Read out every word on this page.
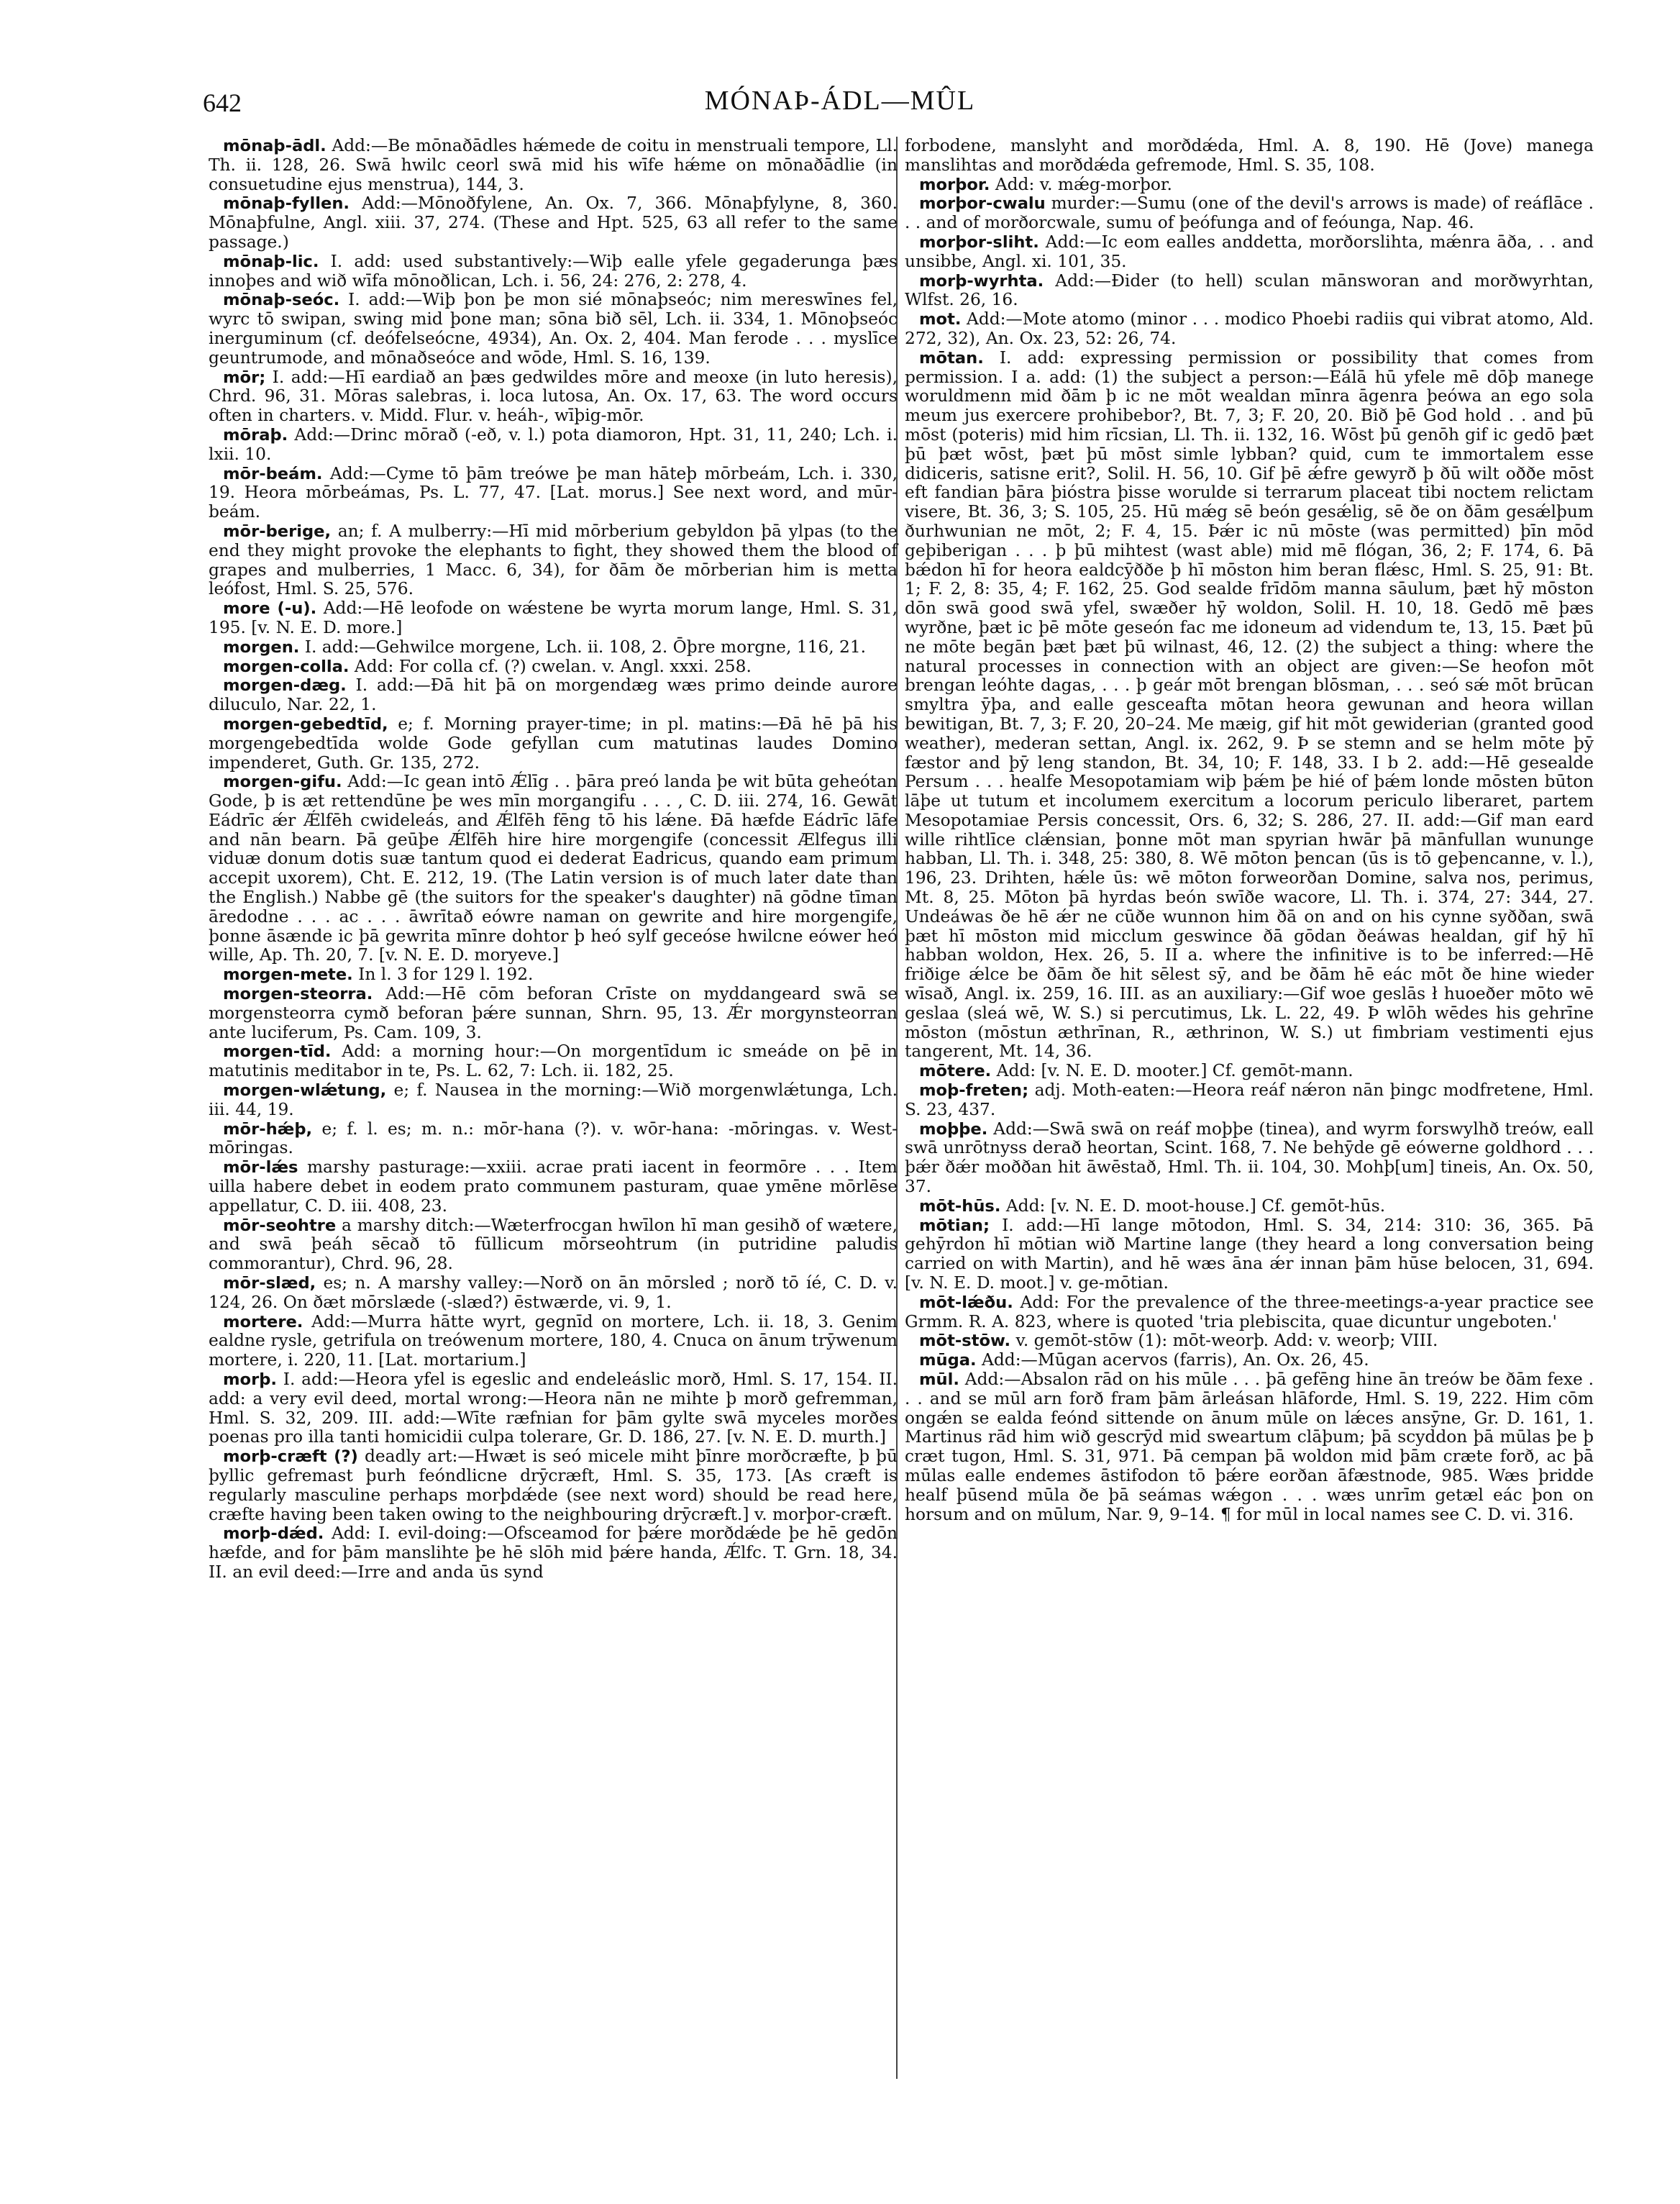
642	MÓNAÞ-ÁDL—MÛL

mōnaþ-ādl. Add:—Be mōnaðādles hǽmede de coitu in menstruali tempore, Ll. Th. ii. 128, 26. Swā hwilc ceorl swā mid his wīfe hǽme on mōnaðādlie (in consuetudine ejus menstrua), 144, 3.

mōnaþ-fyllen. Add:—Mōnoðfylene, An. Ox. 7, 366. Mōnaþfylyne, 8, 360. Mōnaþfulne, Angl. xiii. 37, 274. (These and Hpt. 525, 63 all refer to the same passage.)

mōnaþ-lic. I. add: used substantively:—Wiþ ealle yfele gegaderunga þæs innoþes and wið wīfa mōnoðlican, Lch. i. 56, 24: 276, 2: 278, 4.

mōnaþ-seóc. I. add:—Wiþ þon þe mon sié mōnaþseóc; nim mereswīnes fel, wyrc tō swipan, swing mid þone man; sōna bið sēl, Lch. ii. 334, 1. Mōnoþseóc inerguminum (cf. deófelseócne, 4934), An. Ox. 2, 404. Man ferode . . . myslīce geuntrumode, and mōnaðseóce and wōde, Hml. S. 16, 139.

mōr; I. add:—Hī eardiað an þæs gedwildes mōre and meoxe (in luto heresis), Chrd. 96, 31. Mōras salebras, i. loca lutosa, An. Ox. 17, 63. The word occurs often in charters. v. Midd. Flur. v. heáh-, wīþig-mōr.

mōraþ. Add:—Drinc mōrað (-eð, v. l.) pota diamoron, Hpt. 31, 11, 240; Lch. i. lxii. 10.

mōr-beám. Add:—Cyme tō þām treówe þe man hāteþ mōrbeám, Lch. i. 330, 19. Heora mōrbeámas, Ps. L. 77, 47. [Lat. morus.] See next word, and mūr-beám.

mōr-berige, an; f. A mulberry:—Hī mid mōrberium gebyldon þā ylpas (to the end they might provoke the elephants to fight, they showed them the blood of grapes and mulberries, 1 Macc. 6, 34), for ðām ðe mōrberian him is metta leófost, Hml. S. 25, 576.

more (-u). Add:—Hē leofode on wǽstene be wyrta morum lange, Hml. S. 31, 195. [v. N. E. D. more.]

morgen. I. add:—Gehwilce morgene, Lch. ii. 108, 2. Ōþre morgne, 116, 21.

morgen-colla. Add: For colla cf. (?) cwelan. v. Angl. xxxi. 258.

morgen-dæg. I. add:—Ðā hit þā on morgendæg wæs primo deinde aurore diluculo, Nar. 22, 1.

morgen-gebedtīd, e; f. Morning prayer-time; in pl. matins:—Ðā hē þā his morgengebedtīda wolde Gode gefyllan cum matutinas laudes Domino impenderet, Guth. Gr. 135, 272.

morgen-gifu. Add:—Ic gean intō Ǽlīg . . þāra preó landa þe wit būta geheótan Gode, þ is æt rettendūne þe wes mīn morgangifu . . . , C. D. iii. 274, 16. Gewāt Eádrīc ǽr Ǽlfēh cwideleás, and Ǽlfēh fēng tō his lǽne. Ðā hæfde Eádrīc lāfe and nān bearn. Þā geūþe Ǽlfēh hire hire morgengife (concessit Ælfegus illi viduæ donum dotis suæ tantum quod ei dederat Eadricus, quando eam primum accepit uxorem), Cht. E. 212, 19. (The Latin version is of much later date than the English.) Nabbe gē (the suitors for the speaker's daughter) nā gōdne tīman āredodne . . . ac . . . āwrītað eówre naman on gewrite and hire morgengife, þonne āsænde ic þā gewrita mīnre dohtor þ heó sylf geceóse hwilcne eówer heó wille, Ap. Th. 20, 7. [v. N. E. D. moryeve.]

morgen-mete. In l. 3 for 129 l. 192.

morgen-steorra. Add:—Hē cōm beforan Crīste on myddangeard swā se morgensteorra cymð beforan þǽre sunnan, Shrn. 95, 13. Ǽr morgynsteorran ante luciferum, Ps. Cam. 109, 3.

morgen-tīd. Add: a morning hour:—On morgentīdum ic smeáde on þē in matutinis meditabor in te, Ps. L. 62, 7: Lch. ii. 182, 25.

morgen-wlǽtung, e; f. Nausea in the morning:—Wið morgenwlǽtunga, Lch. iii. 44, 19.

mōr-hǽþ, e; f. l. es; m. n.: mōr-hana (?). v. wōr-hana: -mōringas. v. West-mōringas.

mōr-lǽs marshy pasturage:—xxiii. acrae prati iacent in feormōre . . . Item uilla habere debet in eodem prato communem pasturam, quae ymēne mōrlēse appellatur, C. D. iii. 408, 23.

mōr-seohtre a marshy ditch:—Wæterfrocgan hwīlon hī man gesihð of wætere, and swā þeáh sēcað tō fūllicum mōrseohtrum (in putridine paludis commorantur), Chrd. 96, 28.

mōr-slæd, es; n. A marshy valley:—Norð on ān mōrsled ; norð tō íé, C. D. v. 124, 26. On ðæt mōrslæde (-slæd?) ēstwærde, vi. 9, 1.

mortere. Add:—Murra hātte wyrt, gegnīd on mortere, Lch. ii. 18, 3. Genim ealdne rysle, getrifula on treówenum mortere, 180, 4. Cnuca on ānum trȳwenum mortere, i. 220, 11. [Lat. mortarium.]

morþ. I. add:—Heora yfel is egeslic and endeleáslic morð, Hml. S. 17, 154. II. add: a very evil deed, mortal wrong:—Heora nān ne mihte þ morð gefremman, Hml. S. 32, 209. III. add:—Wīte ræfnian for þām gylte swā myceles morðes poenas pro illa tanti homicidii culpa tolerare, Gr. D. 186, 27. [v. N. E. D. murth.]

morþ-cræft (?) deadly art:—Hwæt is seó micele miht þīnre morðcræfte, þ þū þyllic gefremast þurh feóndlicne drȳcræft, Hml. S. 35, 173. [As cræft is regularly masculine perhaps morþdǽde (see next word) should be read here, cræfte having been taken owing to the neighbouring drȳcræft.] v. morþor-cræft.

morþ-dǽd. Add: I. evil-doing:—Ofsceamod for þǽre morðdǽde þe hē gedōn hæfde, and for þām manslihte þe hē slōh mid þǽre handa, Ǽlfc. T. Grn. 18, 34. II. an evil deed:—Irre and anda ūs synd

forbodene, manslyht and morðdǽda, Hml. A. 8, 190. Hē (Jove) manega manslihtas and morðdǽda gefremode, Hml. S. 35, 108.

morþor. Add: v. mǽg-morþor.

morþor-cwalu murder:—Sumu (one of the devil's arrows is made) of reáflāce . . . and of morðorcwale, sumu of þeófunga and of feóunga, Nap. 46.

morþor-sliht. Add:—Ic eom ealles anddetta, morðorslihta, mǽnra āða, . . and unsibbe, Angl. xi. 101, 35.

morþ-wyrhta. Add:—Ðider (to hell) sculan mānsworan and morðwyrhtan, Wlfst. 26, 16.

mot. Add:—Mote atomo (minor . . . modico Phoebi radiis qui vibrat atomo, Ald. 272, 32), An. Ox. 23, 52: 26, 74.

mōtan. I. add: expressing permission or possibility that comes from permission. I a. add: (1) the subject a person:—Eálā hū yfele mē dōþ manege woruldmenn mid ðām þ ic ne mōt wealdan mīnra āgenra þeówa an ego sola meum jus exercere prohibebor?, Bt. 7, 3; F. 20, 20. Bið þē God hold . . and þū mōst (poteris) mid him rīcsian, Ll. Th. ii. 132, 16. Wōst þū genōh gif ic gedō þæt þū þæt wōst, þæt þū mōst simle lybban? quid, cum te immortalem esse didiceris, satisne erit?, Solil. H. 56, 10. Gif þē ǽfre gewyrð þ ðū wilt oððe mōst eft fandian þāra þióstra þisse worulde si terrarum placeat tibi noctem relictam visere, Bt. 36, 3; S. 105, 25. Hū mǽg sē beón gesǽlig, sē ðe on ðām gesǽlþum ðurhwunian ne mōt, 2; F. 4, 15. Þǽr ic nū mōste (was permitted) þīn mōd geþiberigan . . . þ þū mihtest (wast able) mid mē flógan, 36, 2; F. 174, 6. Þā bǽdon hī for heora ealdcȳððe þ hī mōston him beran flǽsc, Hml. S. 25, 91: Bt. 1; F. 2, 8: 35, 4; F. 162, 25. God sealde frīdōm manna sāulum, þæt hȳ mōston dōn swā good swā yfel, swæðer hȳ woldon, Solil. H. 10, 18. Gedō mē þæs wyrðne, þæt ic þē mōte geseón fac me idoneum ad videndum te, 13, 15. Þæt þū ne mōte begān þæt þæt þū wilnast, 46, 12. (2) the subject a thing: where the natural processes in connection with an object are given:—Se heofon mōt brengan leóhte dagas, . . . þ geár mōt brengan blōsman, . . . seó sǽ mōt brūcan smyltra ȳþa, and ealle gesceafta mōtan heora gewunan and heora willan bewitigan, Bt. 7, 3; F. 20, 20–24. Me mæig, gif hit mōt gewiderian (granted good weather), mederan settan, Angl. ix. 262, 9. Þ se stemn and se helm mōte þȳ fæstor and þȳ leng standon, Bt. 34, 10; F. 148, 33. I b 2. add:—Hē gesealde Persum . . . healfe Mesopotamiam wiþ þǽm þe hié of þǽm londe mōsten būton lāþe ut tutum et incolumem exercitum a locorum periculo liberaret, partem Mesopotamiae Persis concessit, Ors. 6, 32; S. 286, 27. II. add:—Gif man eard wille rihtlīce clǽnsian, þonne mōt man spyrian hwār þā mānfullan wununge habban, Ll. Th. i. 348, 25: 380, 8. Wē mōton þencan (ūs is tō geþencanne, v. l.), 196, 23. Drihten, hǽle ūs: wē mōton forweorðan Domine, salva nos, perimus, Mt. 8, 25. Mōton þā hyrdas beón swīðe wacore, Ll. Th. i. 374, 27: 344, 27. Undeáwas ðe hē ǽr ne cūðe wunnon him ðā on and on his cynne syððan, swā þæt hī mōston mid micclum geswince ðā gōdan ðeáwas healdan, gif hȳ hī habban woldon, Hex. 26, 5. II a. where the infinitive is to be inferred:—Hē friðige ǽlce be ðām ðe hit sēlest sȳ, and be ðām hē eác mōt ðe hine wieder wīsað, Angl. ix. 259, 16. III. as an auxiliary:—Gif woe geslās ł huoeðer mōto wē geslaa (sleá wē, W. S.) si percutimus, Lk. L. 22, 49. Þ wlōh wēdes his gehrīne mōston (mōstun æthrīnan, R., æthrinon, W. S.) ut fimbriam vestimenti ejus tangerent, Mt. 14, 36.

mōtere. Add: [v. N. E. D. mooter.] Cf. gemōt-mann.

moþ-freten; adj. Moth-eaten:—Heora reáf nǽron nān þingc modfretene, Hml. S. 23, 437.

moþþe. Add:—Swā swā on reáf moþþe (tinea), and wyrm forswylhð treów, eall swā unrōtnyss derað heortan, Scint. 168, 7. Ne behȳde gē eówerne goldhord . . . þǽr ðǽr moððan hit āwēstað, Hml. Th. ii. 104, 30. Mohþ[um] tineis, An. Ox. 50, 37.

mōt-hūs. Add: [v. N. E. D. moot-house.] Cf. gemōt-hūs.

mōtian; I. add:—Hī lange mōtodon, Hml. S. 34, 214: 310: 36, 365. Þā gehȳrdon hī mōtian wið Martine lange (they heard a long conversation being carried on with Martin), and hē wæs āna ǽr innan þām hūse belocen, 31, 694. [v. N. E. D. moot.] v. ge-mōtian.

mōt-lǽðu. Add: For the prevalence of the three-meetings-a-year practice see Grmm. R. A. 823, where is quoted 'tria plebiscita, quae dicuntur ungeboten.'

mōt-stōw. v. gemōt-stōw (1): mōt-weorþ. Add: v. weorþ; VIII.

mūga. Add:—Mūgan acervos (farris), An. Ox. 26, 45.

mūl. Add:—Absalon rād on his mūle . . . þā gefēng hine ān treów be ðām fexe . . . and se mūl arn forð fram þām ārleásan hlāforde, Hml. S. 19, 222. Him cōm ongǽn se ealda feónd sittende on ānum mūle on lǽces ansȳne, Gr. D. 161, 1. Martinus rād him wið gescrȳd mid sweartum clāþum; þā scyddon þā mūlas þe þ cræt tugon, Hml. S. 31, 971. Þā cempan þā woldon mid þām cræte forð, ac þā mūlas ealle endemes āstifodon tō þǽre eorðan āfæstnode, 985. Wæs þridde healf þūsend mūla ðe þā seámas wǽgon . . . wæs unrīm getæl eác þon on horsum and on mūlum, Nar. 9, 9–14. ¶ for mūl in local names see C. D. vi. 316.
